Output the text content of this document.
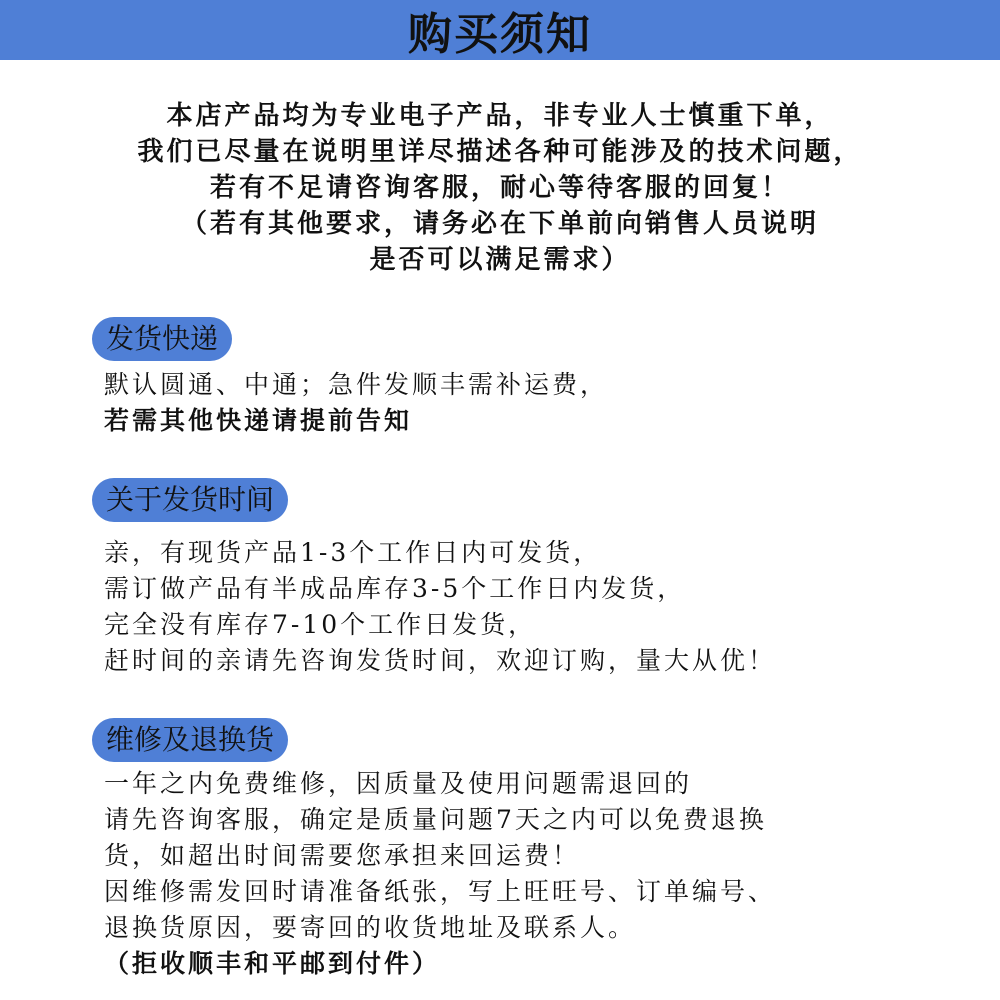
购买须知
本店产品均为专业电子产品，非专业人士慎重下单，
我们已尽量在说明里详尽描述各种可能涉及的技术问题，
若有不足请咨询客服，耐心等待客服的回复！
（若有其他要求，请务必在下单前向销售人员说明
是否可以满足需求）
发货快递
默认圆通、中通；急件发顺丰需补运费，
若需其他快递请提前告知
关于发货时间
亲，有现货产品1-3个工作日内可发货，
需订做产品有半成品库存3-5个工作日内发货，
完全没有库存7-10个工作日发货，
赶时间的亲请先咨询发货时间，欢迎订购，量大从优！
维修及退换货
一年之内免费维修，因质量及使用问题需退回的
请先咨询客服，确定是质量问题7天之内可以免费退换
货，如超出时间需要您承担来回运费！
因维修需发回时请准备纸张，写上旺旺号、订单编号、
退换货原因，要寄回的收货地址及联系人。
（拒收顺丰和平邮到付件）
